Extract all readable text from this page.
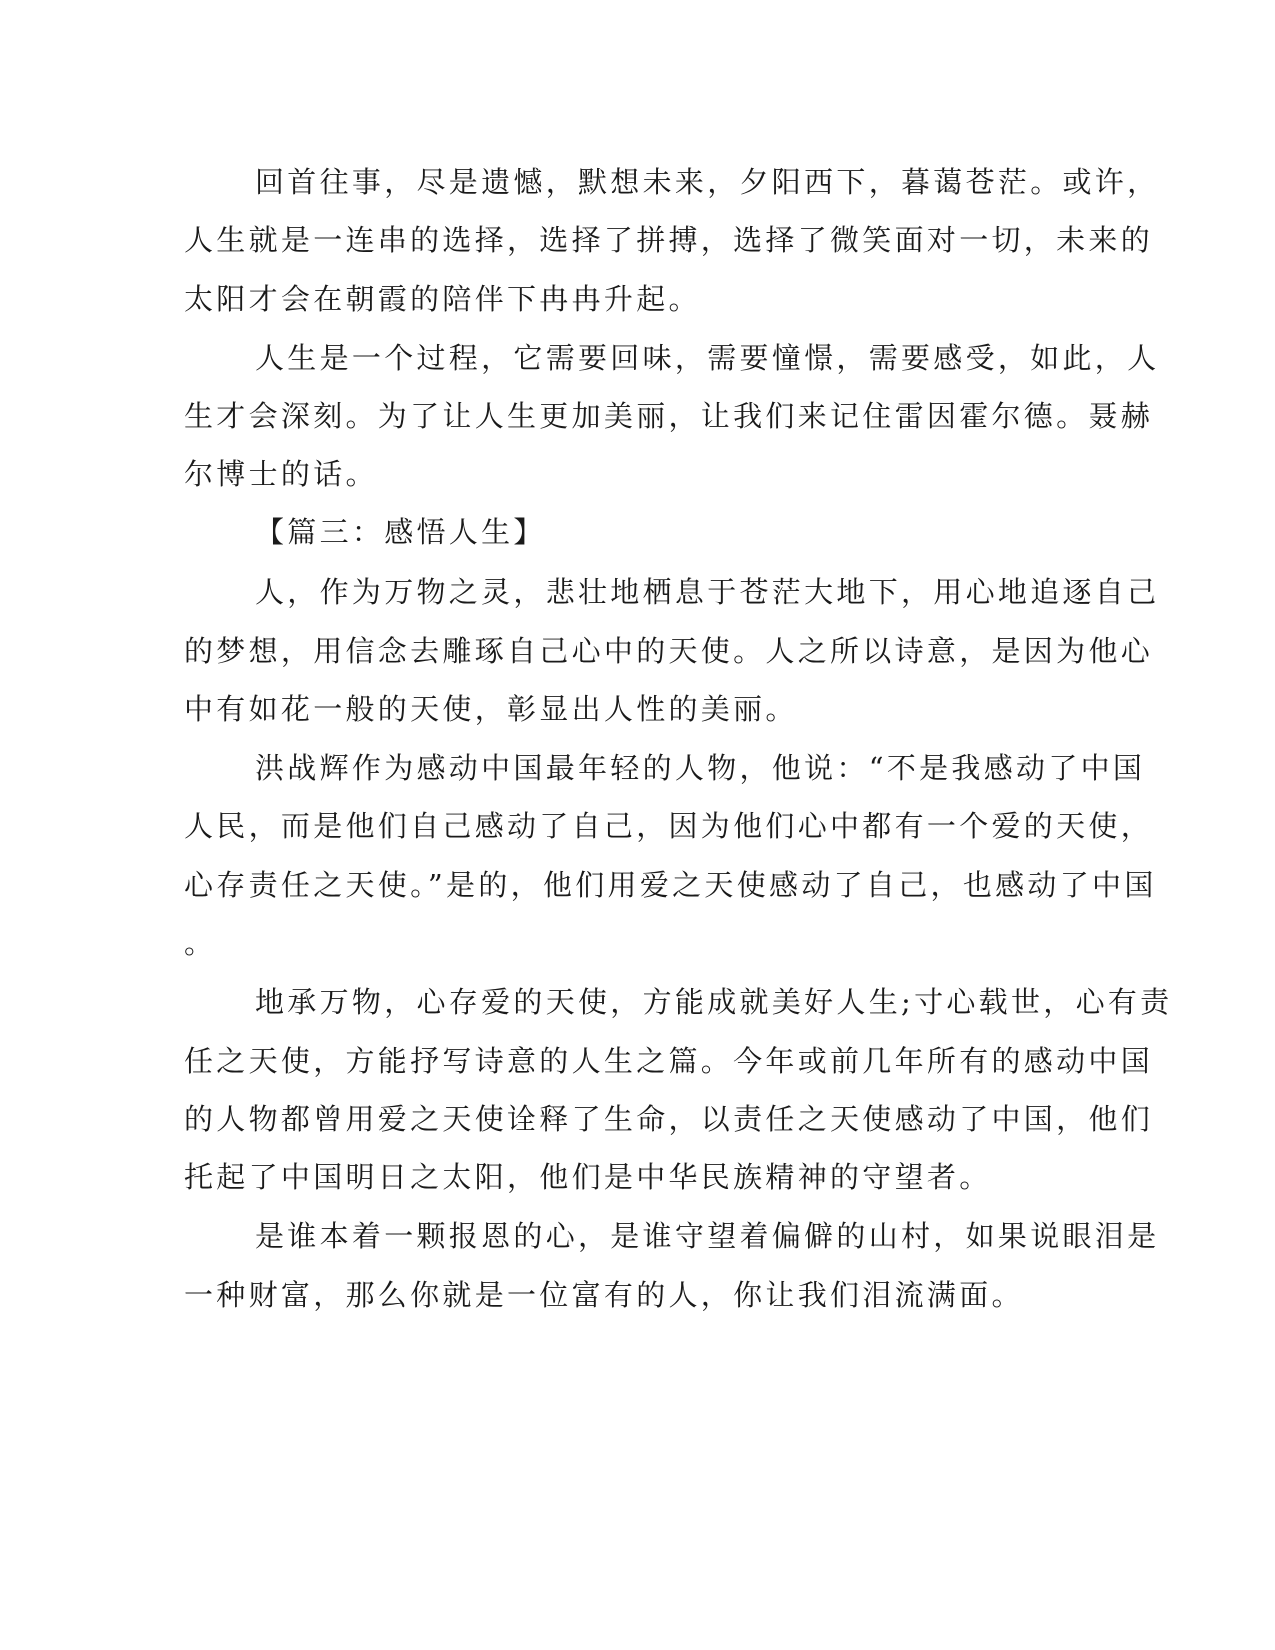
回首往事，尽是遗憾，默想未来，夕阳西下，暮蔼苍茫。或许，
人生就是一连串的选择，选择了拼搏，选择了微笑面对一切，未来的
太阳才会在朝霞的陪伴下冉冉升起。
人生是一个过程，它需要回味，需要憧憬，需要感受，如此，人
生才会深刻。为了让人生更加美丽，让我们来记住雷因霍尔德。聂赫
尔博士的话。
【篇三：感悟人生】
人，作为万物之灵，悲壮地栖息于苍茫大地下，用心地追逐自己
的梦想，用信念去雕琢自己心中的天使。人之所以诗意，是因为他心
中有如花一般的天使，彰显出人性的美丽。
洪战辉作为感动中国最年轻的人物，他说：“不是我感动了中国
人民，而是他们自己感动了自己，因为他们心中都有一个爱的天使，
心存责任之天使。”是的，他们用爱之天使感动了自己，也感动了中国
。
地承万物，心存爱的天使，方能成就美好人生;寸心载世，心有责
任之天使，方能抒写诗意的人生之篇。今年或前几年所有的感动中国
的人物都曾用爱之天使诠释了生命，以责任之天使感动了中国，他们
托起了中国明日之太阳，他们是中华民族精神的守望者。
是谁本着一颗报恩的心，是谁守望着偏僻的山村，如果说眼泪是
一种财富，那么你就是一位富有的人，你让我们泪流满面。
